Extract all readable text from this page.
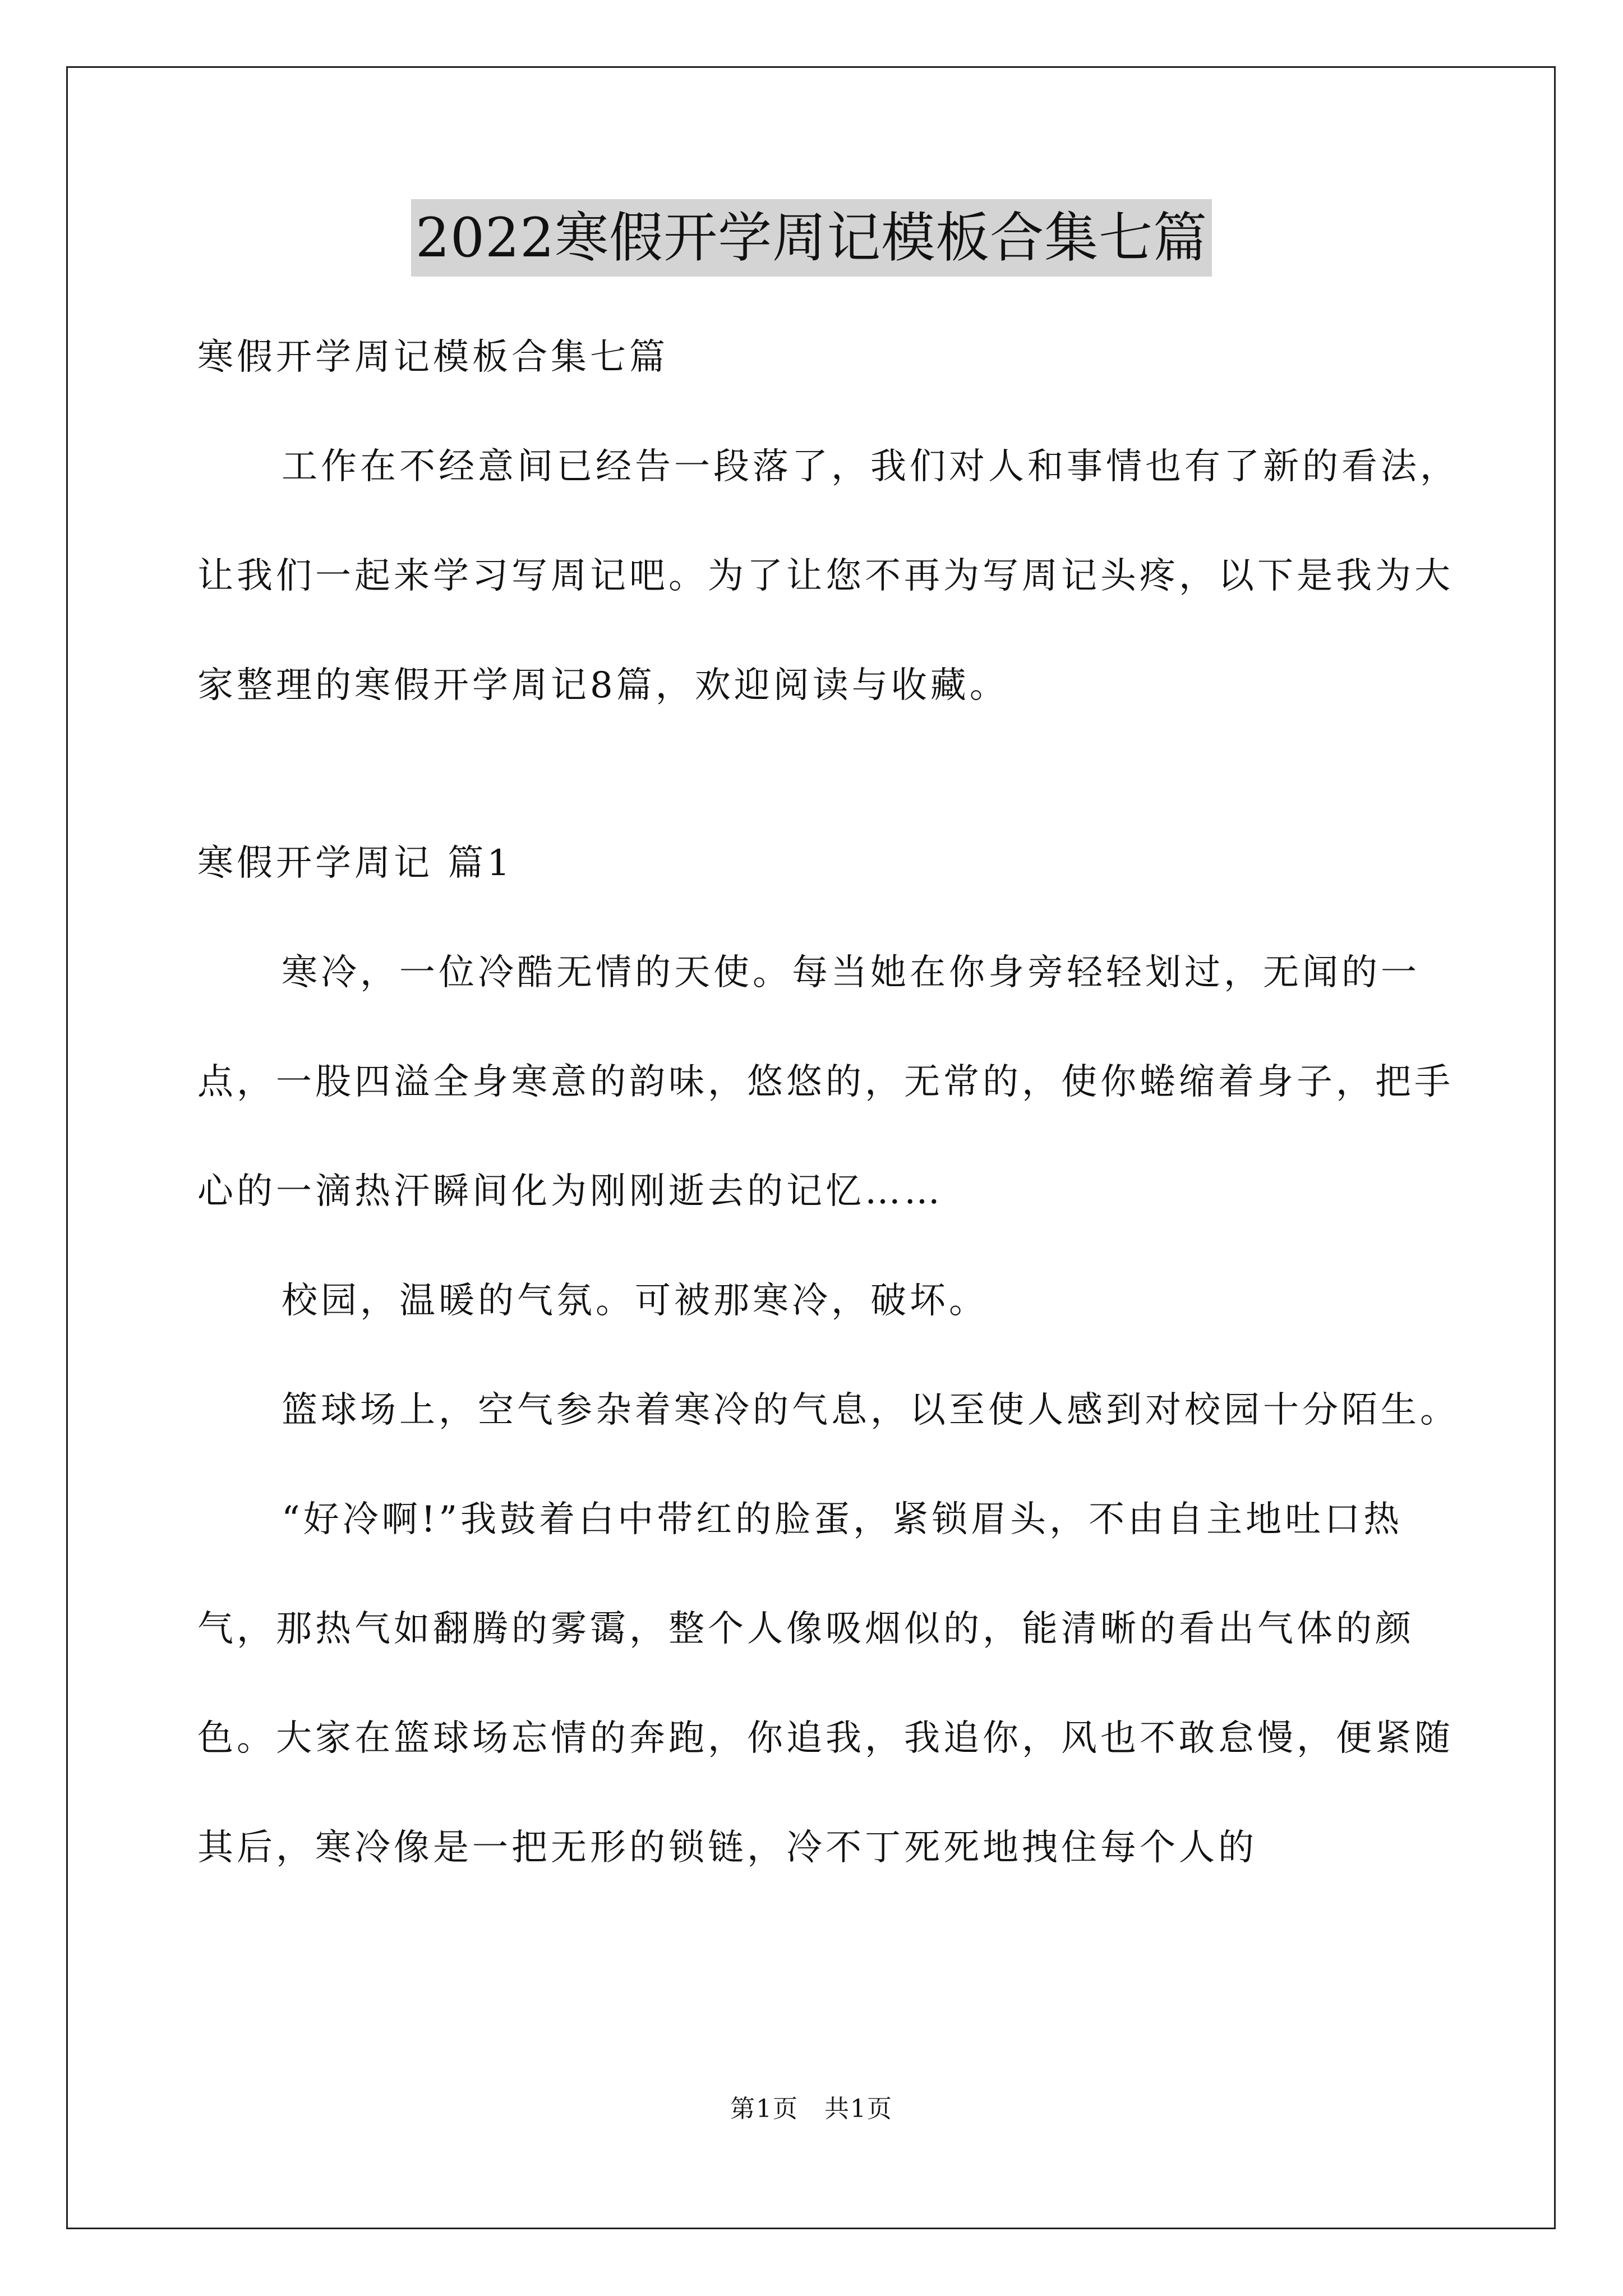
2022寒假开学周记模板合集七篇

寒假开学周记模板合集七篇

工作在不经意间已经告一段落了，我们对人和事情也有了新的看法，让我们一起来学习写周记吧。为了让您不再为写周记头疼，以下是我为大家整理的寒假开学周记8篇，欢迎阅读与收藏。

寒假开学周记 篇1

寒冷，一位冷酷无情的天使。每当她在你身旁轻轻划过，无闻的一点，一股四溢全身寒意的韵味，悠悠的，无常的，使你蜷缩着身子，把手心的一滴热汗瞬间化为刚刚逝去的记忆……

校园，温暖的气氛。可被那寒冷，破坏。

篮球场上，空气参杂着寒冷的气息，以至使人感到对校园十分陌生。

“好冷啊!”我鼓着白中带红的脸蛋，紧锁眉头，不由自主地吐口热气，那热气如翻腾的雾霭，整个人像吸烟似的，能清晰的看出气体的颜色。大家在篮球场忘情的奔跑，你追我，我追你，风也不敢怠慢，便紧随其后，寒冷像是一把无形的锁链，冷不丁死死地拽住每个人的

第1页　共1页
